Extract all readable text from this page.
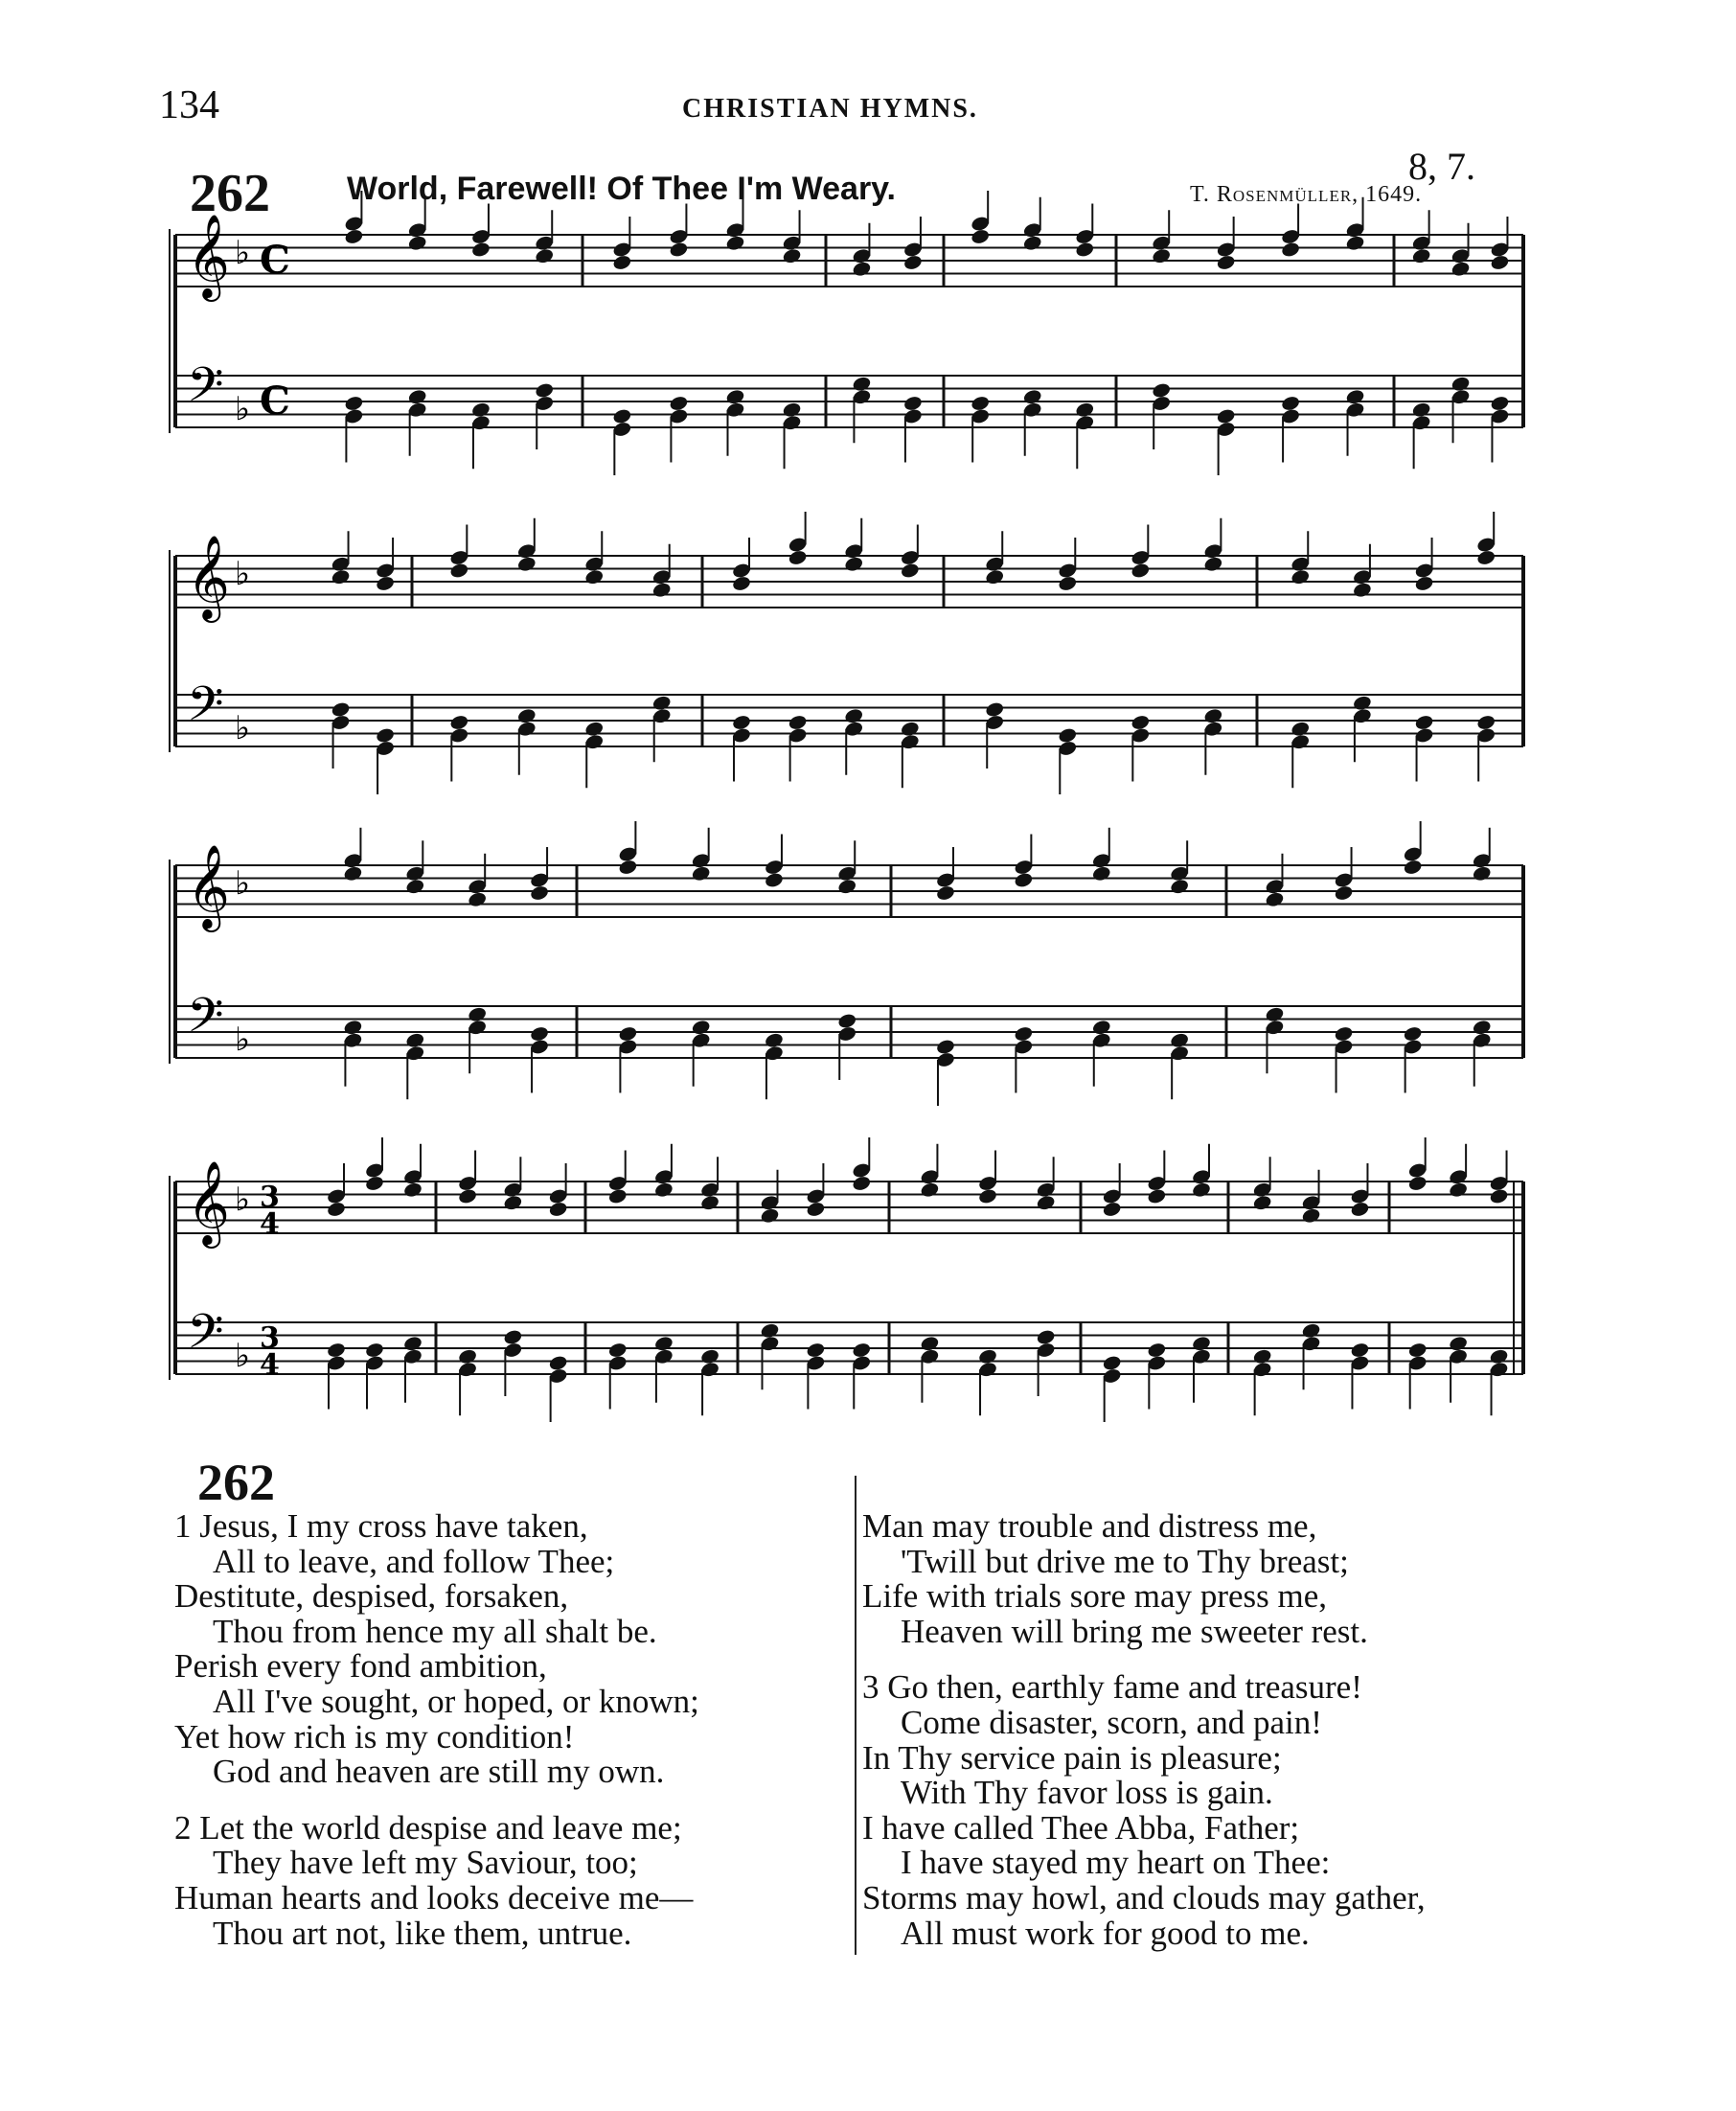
134	CHRISTIAN HYMNS.
8, 7.
262 World, Farewell! Of Thee I'm Weary.	T. Rosenmüller, 1649.
𝄞 ♭ C
𝄢 ♭ C
𝄞 ♭
𝄢 ♭
𝄞 ♭
𝄢 ♭
𝄞 ♭ 3
4
𝄢 ♭ 3
4
262
1 Jesus, I my cross have taken,
All to leave, and follow Thee;
Destitute, despised, forsaken,
Thou from hence my all shalt be.
Perish every fond ambition,
All I've sought, or hoped, or known;
Yet how rich is my condition!
God and heaven are still my own.
2 Let the world despise and leave me;
They have left my Saviour, too;
Human hearts and looks deceive me—
Thou art not, like them, untrue.
Man may trouble and distress me,
'Twill but drive me to Thy breast;
Life with trials sore may press me,
Heaven will bring me sweeter rest.
3 Go then, earthly fame and treasure!
Come disaster, scorn, and pain!
In Thy service pain is pleasure;
With Thy favor loss is gain.
I have called Thee Abba, Father;
I have stayed my heart on Thee:
Storms may howl, and clouds may gather,
All must work for good to me.
